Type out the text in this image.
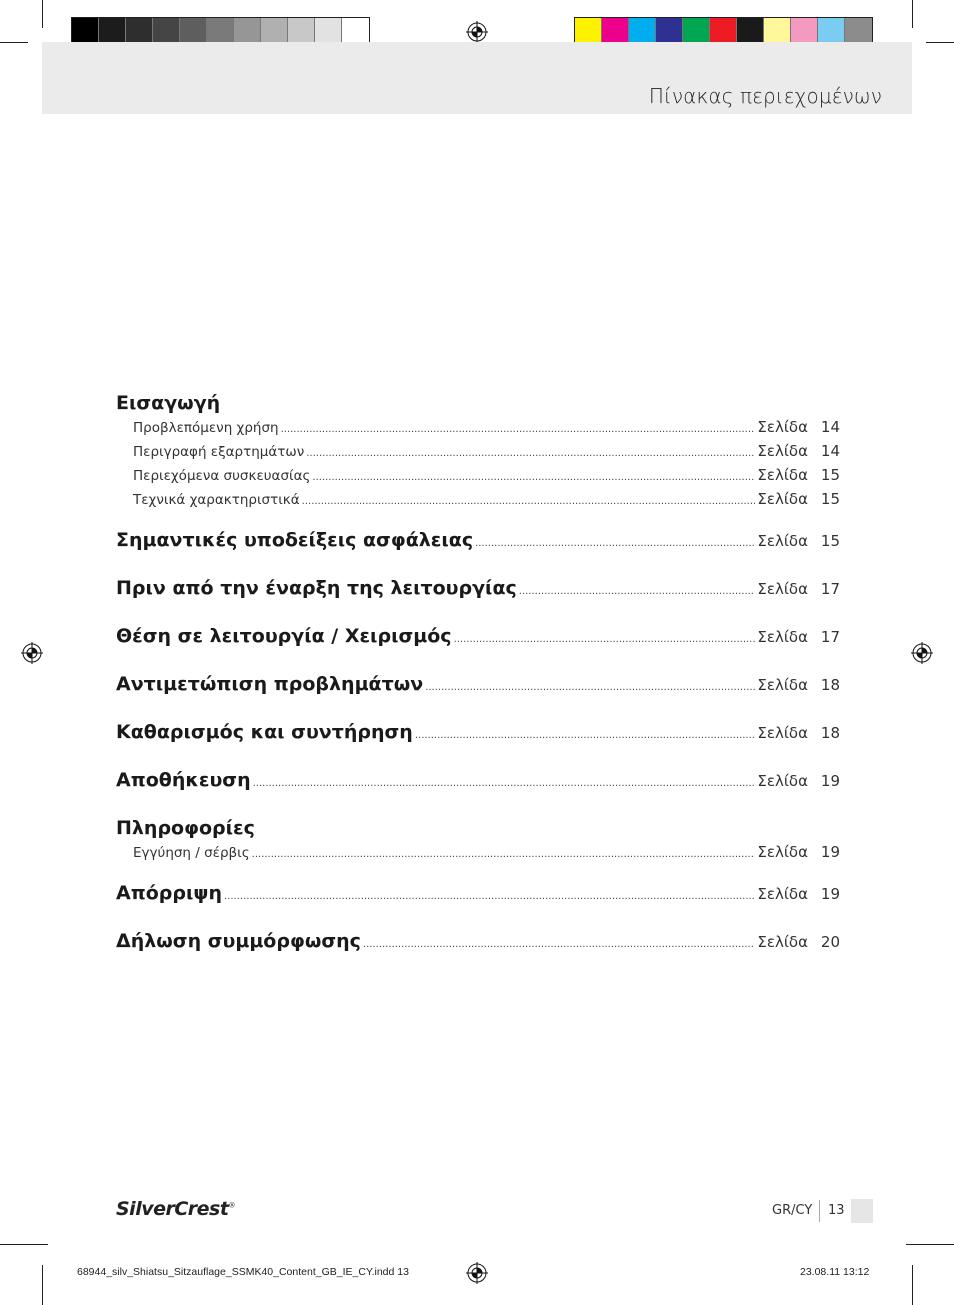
Πίνακας περιεχομένων
Εισαγωγή
Προβλεπόμενη χρήση .....	Σελίδα 14
Περιγραφή εξαρτημάτων .....	Σελίδα 14
Περιεχόμενα συσκευασίας .....	Σελίδα 15
Τεχνικά χαρακτηριστικά .....	Σελίδα 15
Σημαντικές υποδείξεις ασφάλειας .....	Σελίδα 15
Πριν από την έναρξη της λειτουργίας .....	Σελίδα 17
Θέση σε λειτουργία / Χειρισμός .....	Σελίδα 17
Αντιμετώπιση προβλημάτων .....	Σελίδα 18
Καθαρισμός και συντήρηση .....	Σελίδα 18
Αποθήκευση .....	Σελίδα 19
Πληροφορίες
Εγγύηση / σέρβις .....	Σελίδα 19
Απόρριψη .....	Σελίδα 19
Δήλωση συμμόρφωσης .....	Σελίδα 20
SilverCrest®	GR/CY 13
68944_silv_Shiatsu_Sitzauflage_SSMK40_Content_GB_IE_CY.indd 13	23.08.11 13:12
